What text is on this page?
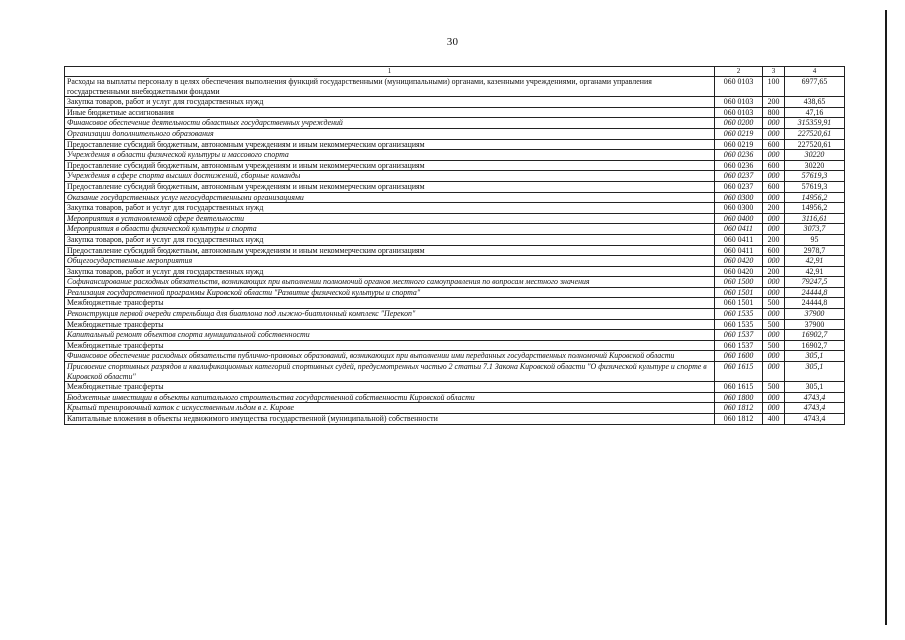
30
1	2	3	4
Расходы на выплаты персоналу в целях обеспечения выполнения функций государственными (муниципальными) органами, казенными учреждениями, органами управления государственными внебюджетными фондами	060 0103	100	6977,65
Закупка товаров, работ и услуг для государственных нужд	060 0103	200	438,65
Иные бюджетные ассигнования	060 0103	800	47,16
Финансовое обеспечение деятельности областных государственных учреждений	060 0200	000	315359,91
Организации дополнительного образования	060 0219	000	227520,61
Предоставление субсидий бюджетным, автономным учреждениям и иным некоммерческим организациям	060 0219	600	227520,61
Учреждения в области физической культуры и массового спорта	060 0236	000	30220
Предоставление субсидий бюджетным, автономным учреждениям и иным некоммерческим организациям	060 0236	600	30220
Учреждения в сфере спорта высших достижений, сборные команды	060 0237	000	57619,3
Предоставление субсидий бюджетным, автономным учреждениям и иным некоммерческим организациям	060 0237	600	57619,3
Оказание государственных услуг негосударственными организациями	060 0300	000	14956,2
Закупка товаров, работ и услуг для государственных нужд	060 0300	200	14956,2
Мероприятия в установленной сфере деятельности	060 0400	000	3116,61
Мероприятия в области физической культуры и спорта	060 0411	000	3073,7
Закупка товаров, работ и услуг для государственных нужд	060 0411	200	95
Предоставление субсидий бюджетным, автономным учреждениям и иным некоммерческим организациям	060 0411	600	2978,7
Общегосударственные мероприятия	060 0420	000	42,91
Закупка товаров, работ и услуг для государственных нужд	060 0420	200	42,91
Софинансирование расходных обязательств, возникающих при выполнении полномочий органов местного самоуправления по вопросам местного значения	060 1500	000	79247,5
Реализация государственной программы Кировской области "Развитие физической культуры и спорта"	060 1501	000	24444,8
Межбюджетные трансферты	060 1501	500	24444,8
Реконструкция первой очереди стрельбища для биатлона под лыжно-биатлонный комплекс "Перекоп"	060 1535	000	37900
Межбюджетные трансферты	060 1535	500	37900
Капитальный ремонт объектов спорта муниципальной собственности	060 1537	000	16902,7
Межбюджетные трансферты	060 1537	500	16902,7
Финансовое обеспечение расходных обязательств публично-правовых образований, возникающих при выполнении ими переданных государственных полномочий Кировской области	060 1600	000	305,1
Присвоение спортивных разрядов и квалификационных категорий спортивных судей, предусмотренных частью 2 статьи 7.1 Закона Кировской области "О физической культуре и спорте в Кировской области"	060 1615	000	305,1
Межбюджетные трансферты	060 1615	500	305,1
Бюджетные инвестиции в объекты капитального строительства государственной собственности Кировской области	060 1800	000	4743,4
Крытый тренировочный каток с искусственным льдом в г. Кирове	060 1812	000	4743,4
Капитальные вложения в объекты недвижимого имущества государственной (муниципальной) собственности	060 1812	400	4743,4
